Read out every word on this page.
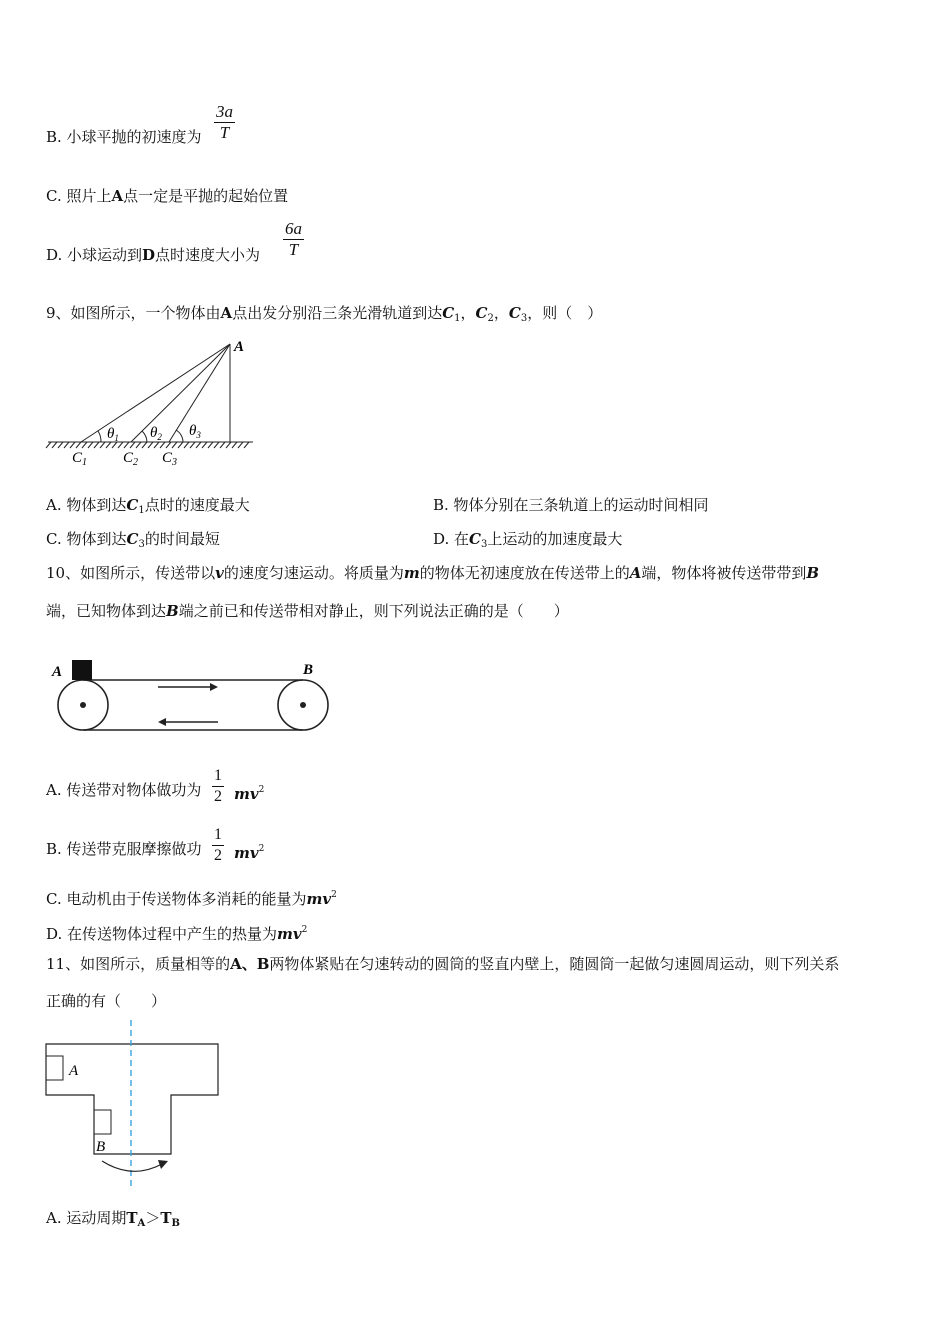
B. 小球平抛的初速度为 $\frac{3a}{T}$
C. 照片上A点一定是平抛的起始位置
D. 小球运动到D点时速度大小为 $\frac{6a}{T}$
9、如图所示，一个物体由A点出发分别沿三条光滑轨道到达$C_1$，$C_2$，$C_3$，则（　）
A
$\theta_1$ $\theta_2$ $\theta_3$
$C_1$ $C_2$ $C_3$
A. 物体到达$C_1$点时的速度最大	B. 物体分别在三条轨道上的运动时间相同
C. 物体到达$C_3$的时间最短	D. 在$C_3$上运动的加速度最大
10、如图所示，传送带以v的速度匀速运动。将质量为m的物体无初速度放在传送带上的A端，物体将被传送带带到B
端，已知物体到达B端之前已和传送带相对静止，则下列说法正确的是（　　）
A	B
A. 传送带对物体做功为 $\frac{1}{2} mv^2$
B. 传送带克服摩擦做功 $\frac{1}{2} mv^2$
C. 电动机由于传送物体多消耗的能量为$mv^2$
D. 在传送物体过程中产生的热量为$mv^2$
11、如图所示，质量相等的A、B两物体紧贴在匀速转动的圆筒的竖直内壁上，随圆筒一起做匀速圆周运动，则下列关系
正确的有（　　）
A
B
A. 运动周期$T_A>T_B$
